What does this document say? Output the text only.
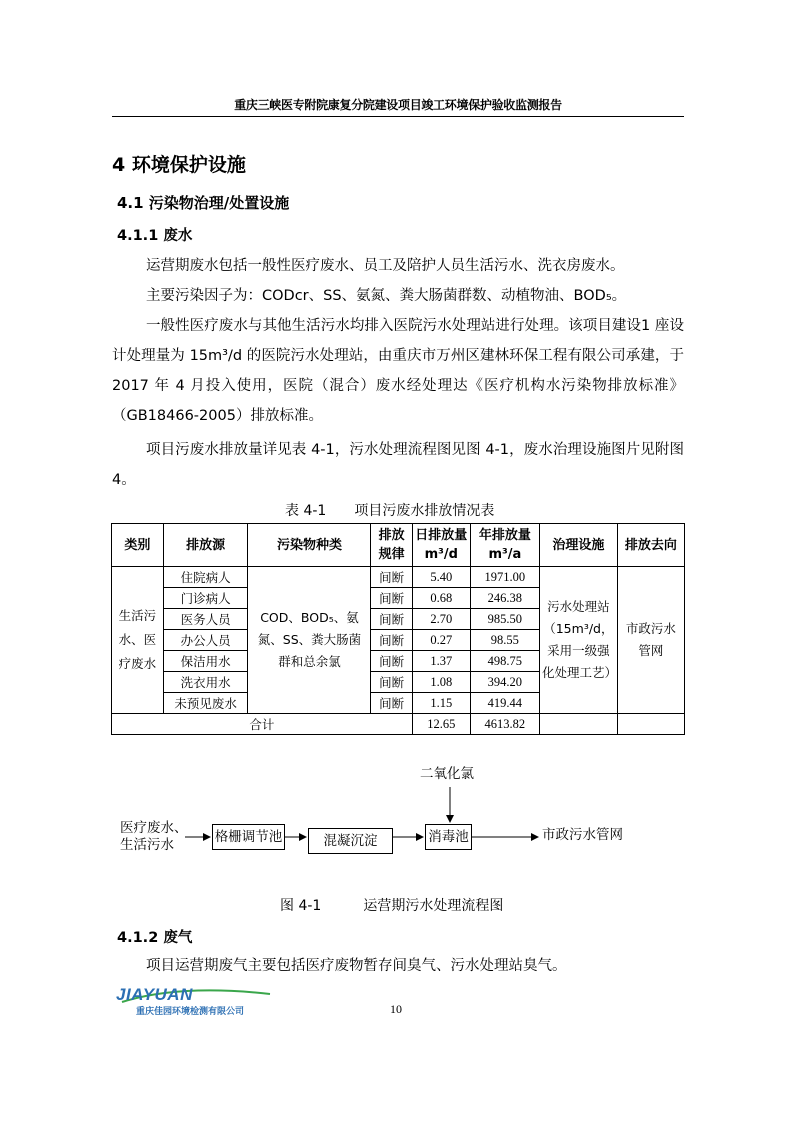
重庆三峡医专附院康复分院建设项目竣工环境保护验收监测报告
4 环境保护设施
4.1 污染物治理/处置设施
4.1.1 废水
运营期废水包括一般性医疗废水、员工及陪护人员生活污水、洗衣房废水。
主要污染因子为：CODcr、SS、氨氮、粪大肠菌群数、动植物油、BOD₅。
一般性医疗废水与其他生活污水均排入医院污水处理站进行处理。该项目建设1 座设计处理量为 15m³/d 的医院污水处理站，由重庆市万州区建林环保工程有限公司承建，于 2017 年 4 月投入使用，医院（混合）废水经处理达《医疗机构水污染物排放标准》（GB18466-2005）排放标准。
项目污废水排放量详见表 4-1，污水处理流程图见图 4-1，废水治理设施图片见附图 4。
表 4-1　　项目污废水排放情况表
类别	排放源	污染物种类	排放规律	日排放量m³/d	年排放量m³/a	治理设施	排放去向
生活污水、医疗废水	住院病人	COD、BOD₅、氨氮、SS、粪大肠菌群和总余氯	间断	5.40	1971.00	污水处理站（15m³/d，采用一级强化处理工艺）	市政污水管网
	门诊病人		间断	0.68	246.38		
	医务人员		间断	2.70	985.50		
	办公人员		间断	0.27	98.55		
	保洁用水		间断	1.37	498.75		
	洗衣用水		间断	1.08	394.20		
	未预见废水		间断	1.15	419.44		
合计				12.65	4613.82		
二氧化氯
医疗废水、
生活污水	格栅调节池	混凝沉淀	消毒池	市政污水管网
图 4-1　　　运营期污水处理流程图
4.1.2 废气
项目运营期废气主要包括医疗废物暂存间臭气、污水处理站臭气。
JIAYUAN
重庆佳园环境检测有限公司	10
